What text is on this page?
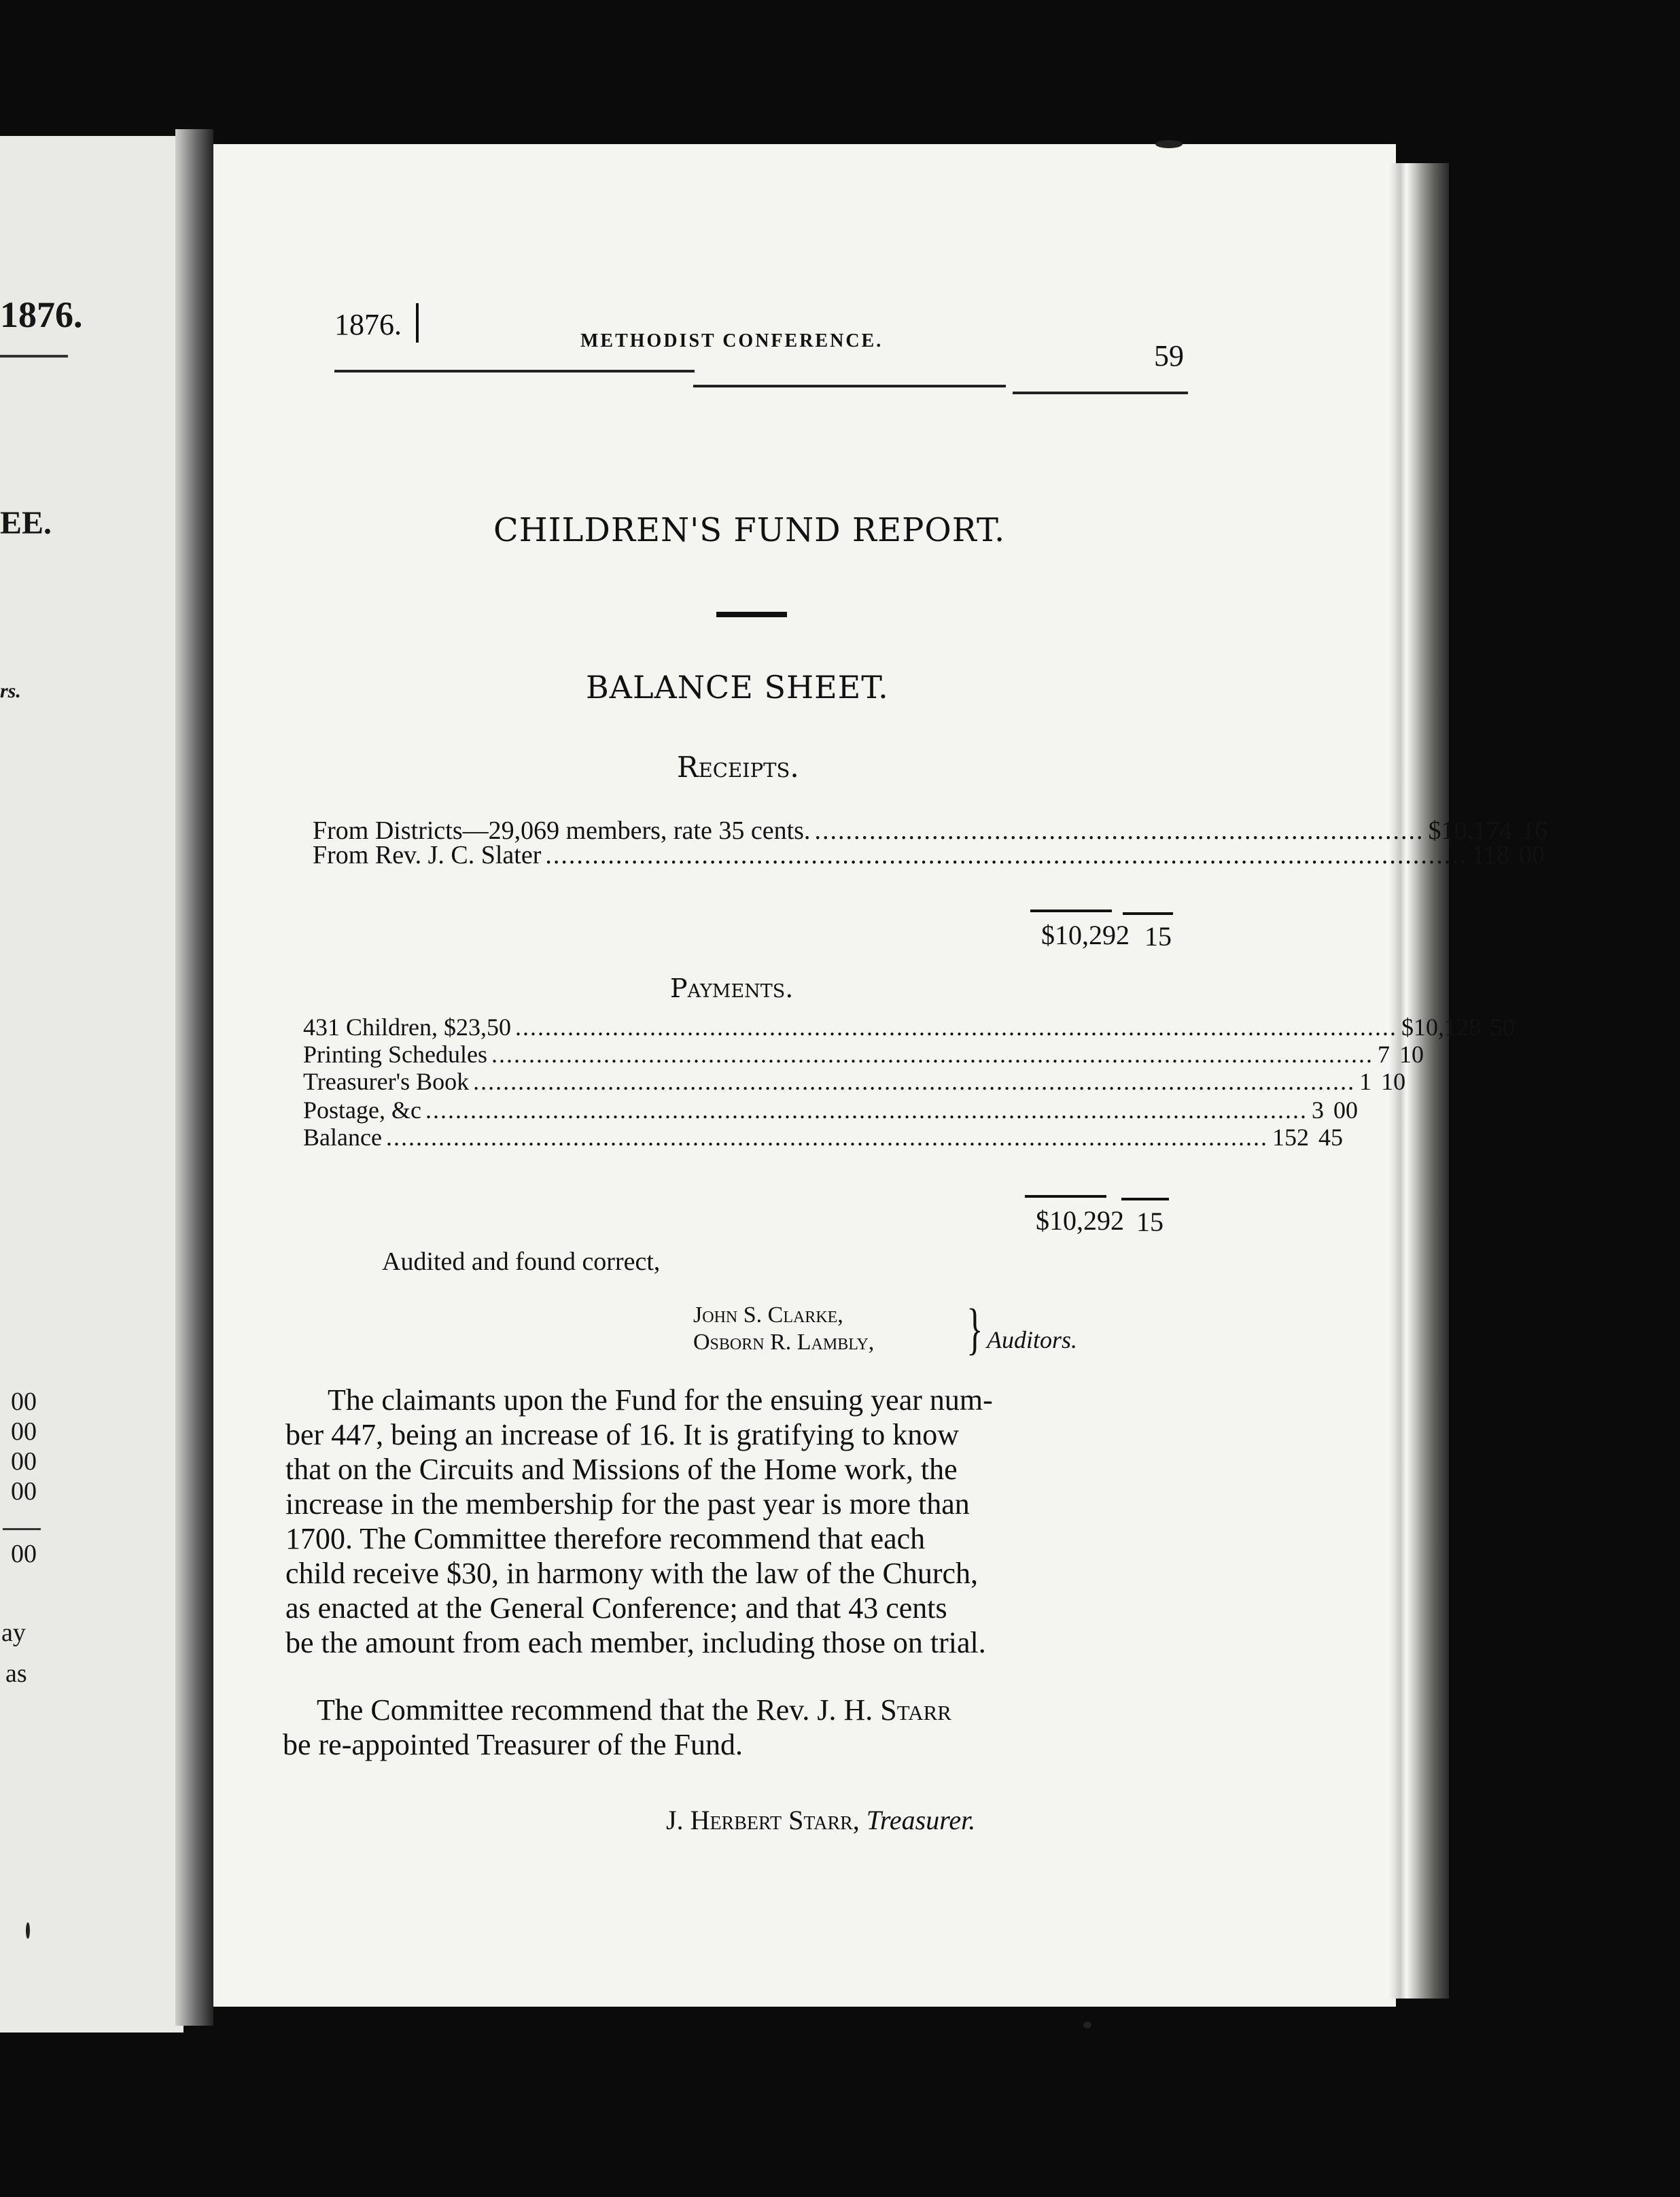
1876.
EE.
rs.
00
00
00
00
00
ay
as
1876.	METHODIST CONFERENCE.	59
CHILDREN'S FUND REPORT.
BALANCE SHEET.
Receipts.
From Districts—29,069 members, rate 35 cents. .............................................................................. $10,174 16
From Rev. J. C. Slater ...................................................................................................................... 118 00
$10,292 15
Payments.
431 Children, $23,50 ...................................................................................................................... $10,128 50
Printing Schedules ...................................................................................................................... 7 10
Treasurer's Book ...................................................................................................................... 1 10
Postage, &c ...................................................................................................................... 3 00
Balance ...................................................................................................................... 152 45
$10,292 15
Audited and found correct,
John S. Clarke,
Osborn R. Lambly, } Auditors.
The claimants upon the Fund for the ensuing year num-
ber 447, being an increase of 16. It is gratifying to know
that on the Circuits and Missions of the Home work, the
increase in the membership for the past year is more than
1700. The Committee therefore recommend that each
child receive $30, in harmony with the law of the Church,
as enacted at the General Conference; and that 43 cents
be the amount from each member, including those on trial.
The Committee recommend that the Rev. J. H. Starr
be re-appointed Treasurer of the Fund.
J. Herbert Starr, Treasurer.
